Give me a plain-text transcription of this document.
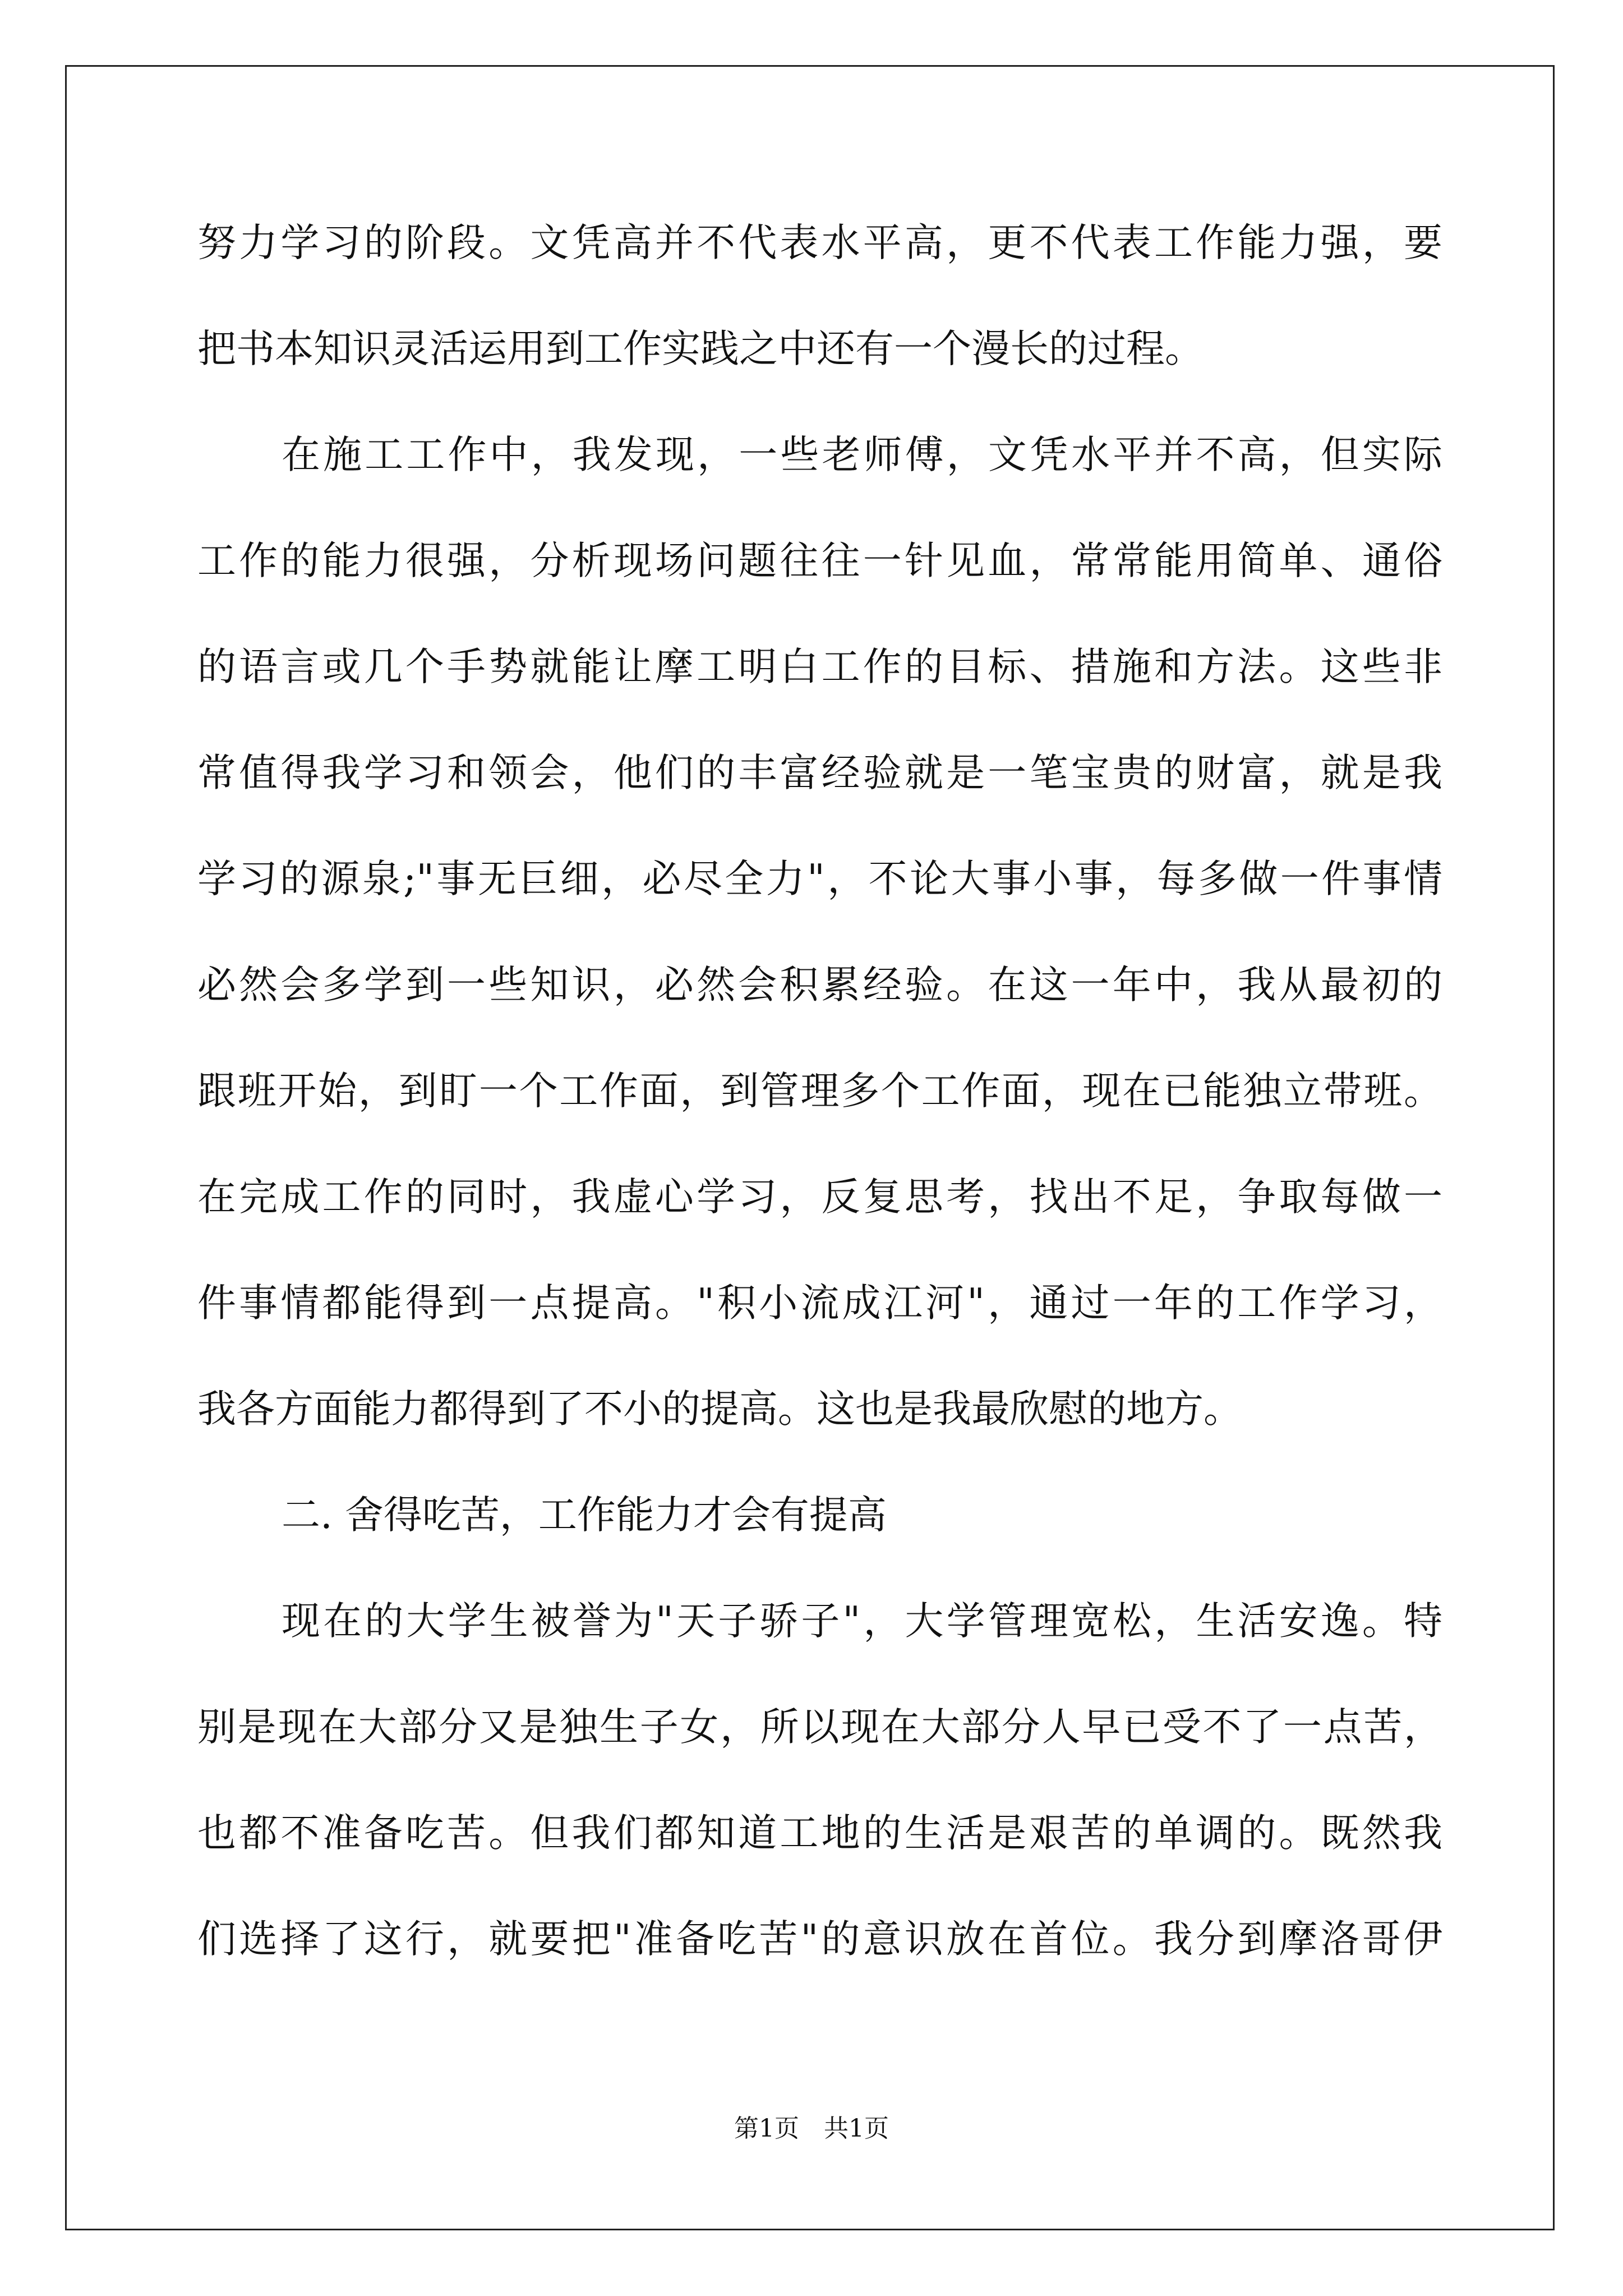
努力学习的阶段。文凭高并不代表水平高，更不代表工作能力强，要
把书本知识灵活运用到工作实践之中还有一个漫长的过程。
在施工工作中，我发现，一些老师傅，文凭水平并不高，但实际
工作的能力很强，分析现场问题往往一针见血，常常能用简单、通俗
的语言或几个手势就能让摩工明白工作的目标、措施和方法。这些非
常值得我学习和领会，他们的丰富经验就是一笔宝贵的财富，就是我
学习的源泉;"事无巨细，必尽全力"，不论大事小事，每多做一件事情
必然会多学到一些知识，必然会积累经验。在这一年中，我从最初的
跟班开始，到盯一个工作面，到管理多个工作面，现在已能独立带班。
在完成工作的同时，我虚心学习，反复思考，找出不足，争取每做一
件事情都能得到一点提高。"积小流成江河"，通过一年的工作学习，
我各方面能力都得到了不小的提高。这也是我最欣慰的地方。
二. 舍得吃苦，工作能力才会有提高
现在的大学生被誉为"天子骄子"，大学管理宽松，生活安逸。特
别是现在大部分又是独生子女，所以现在大部分人早已受不了一点苦，
也都不准备吃苦。但我们都知道工地的生活是艰苦的单调的。既然我
们选择了这行，就要把"准备吃苦"的意识放在首位。我分到摩洛哥伊
第1页　共1页
